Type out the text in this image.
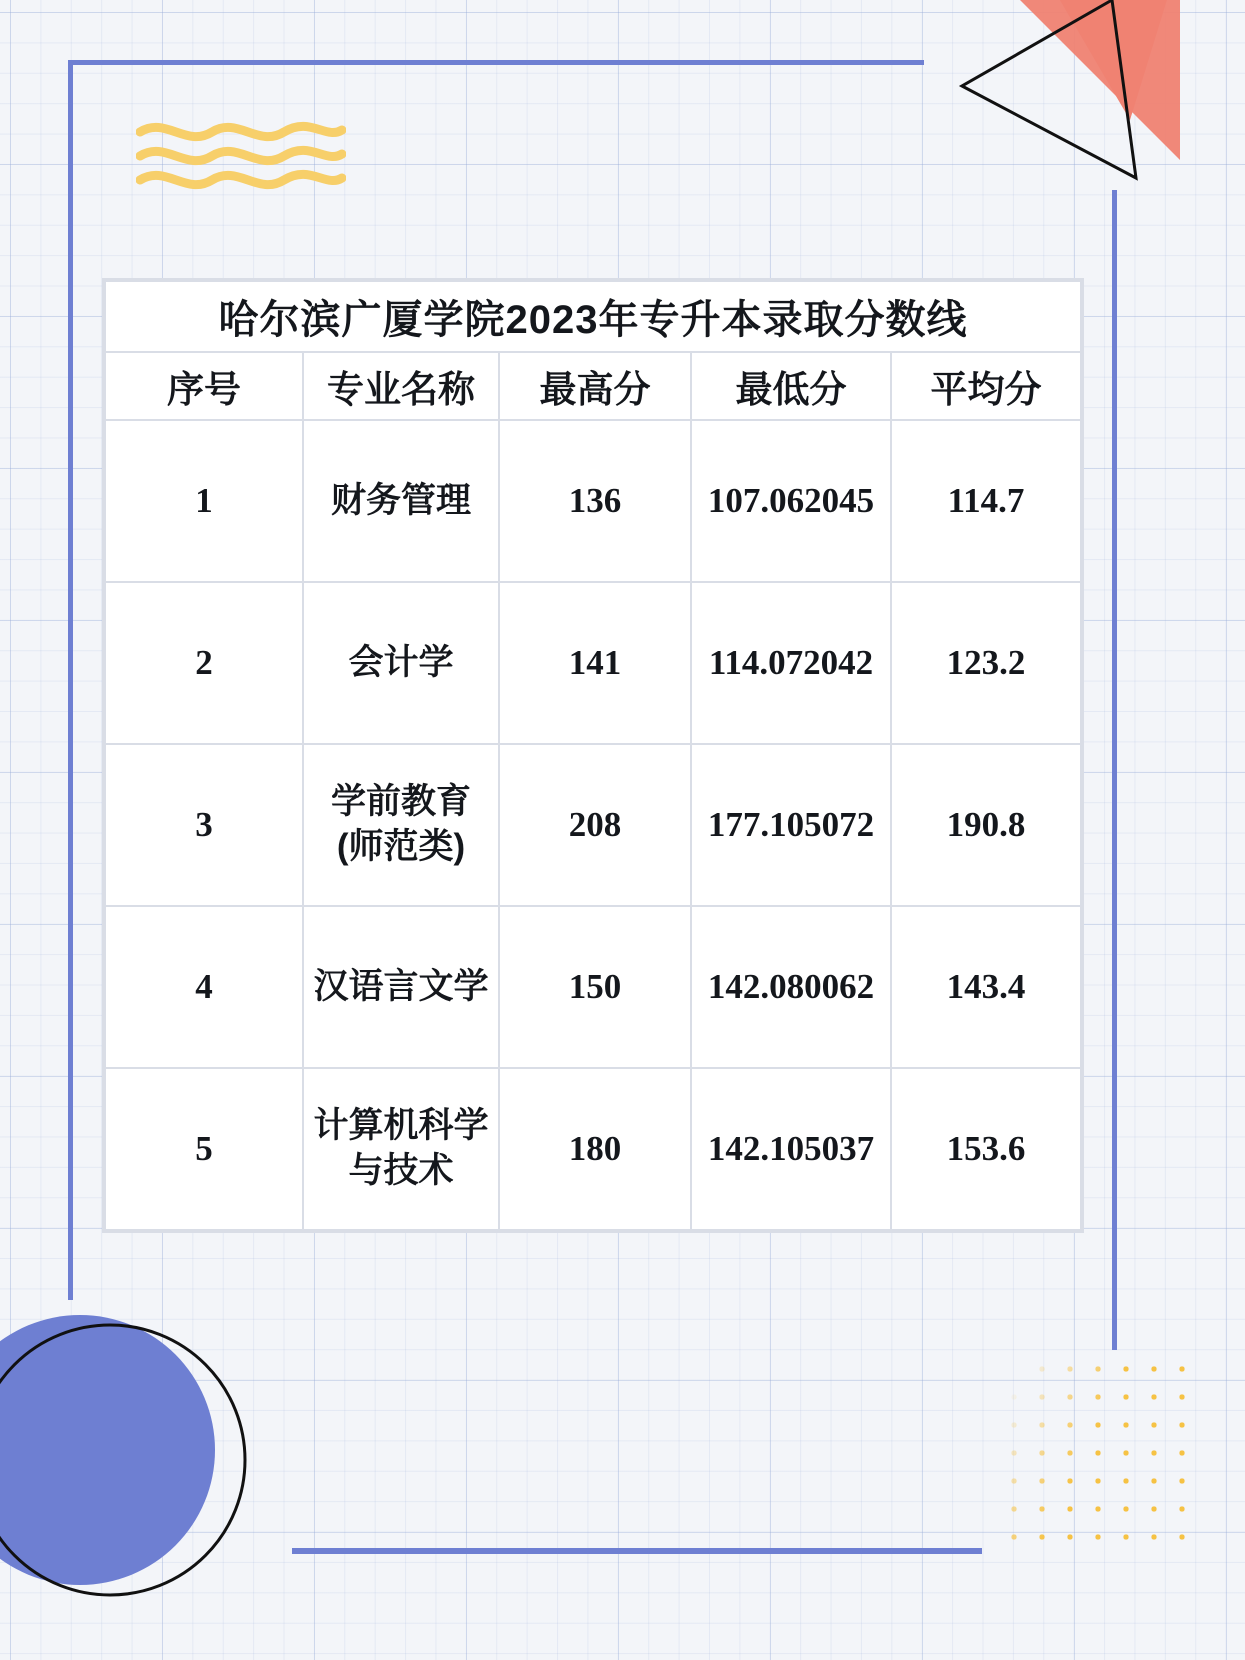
哈尔滨广厦学院2023年专升本录取分数线				
序号	专业名称	最高分	最低分	平均分
1	财务管理	136	107.062045	114.7
2	会计学	141	114.072042	123.2
3	学前教育(师范类)	208	177.105072	190.8
4	汉语言文学	150	142.080062	143.4
5	计算机科学与技术	180	142.105037	153.6
